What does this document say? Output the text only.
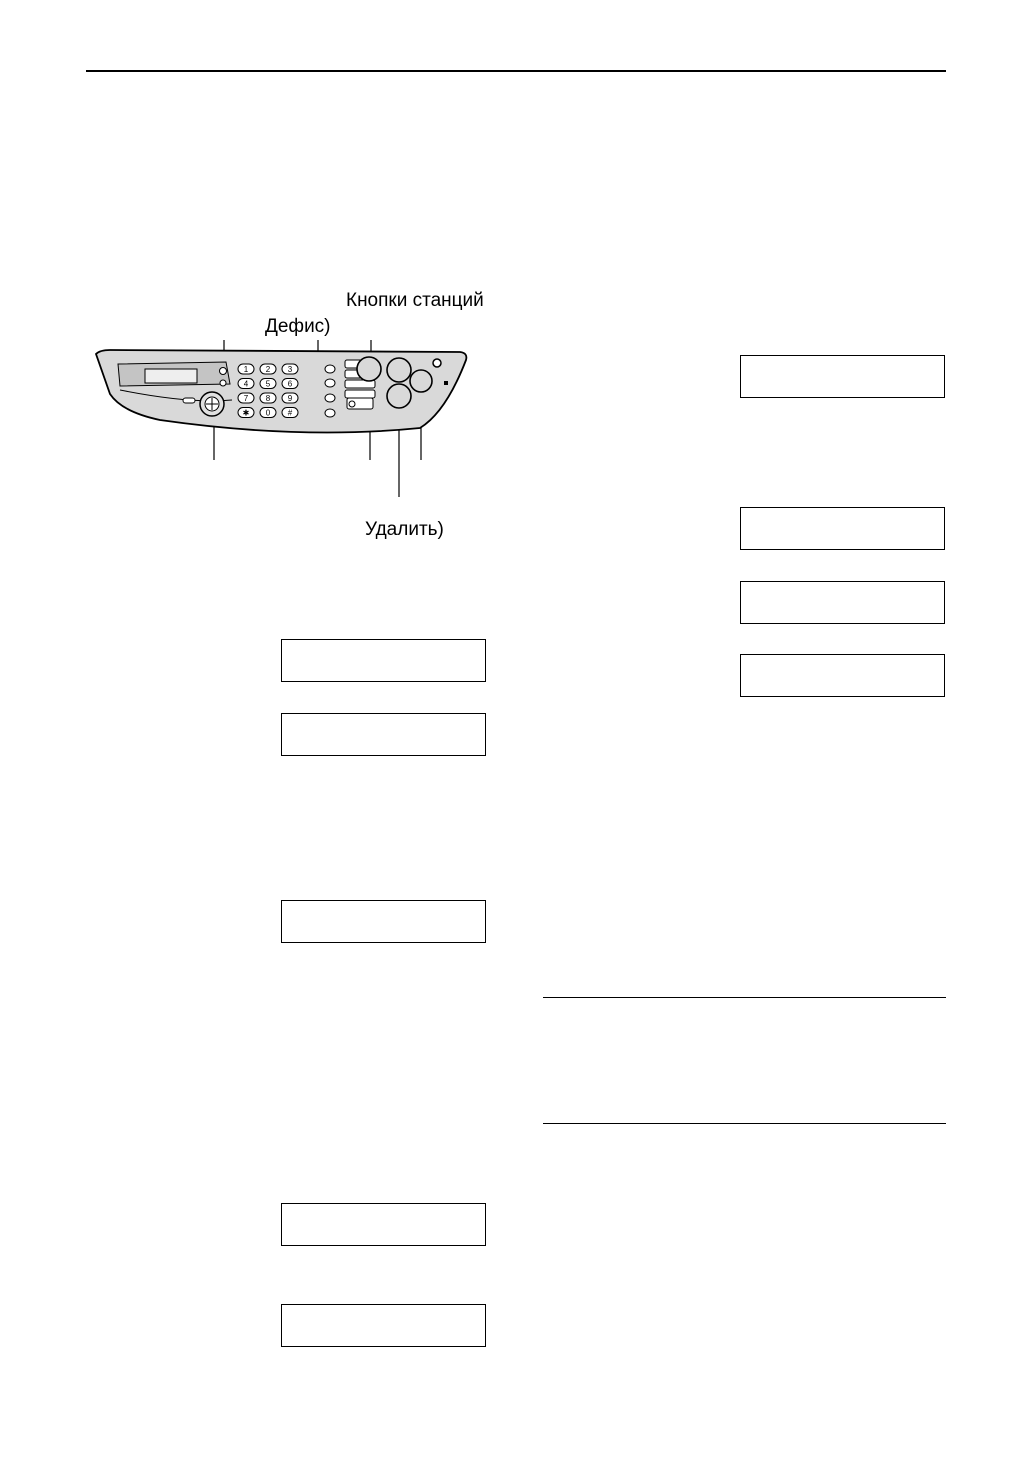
Кнопки станций
Дефис)
Удалить)
1 2 3
4 5 6
7 8 9
✱ 0 #
